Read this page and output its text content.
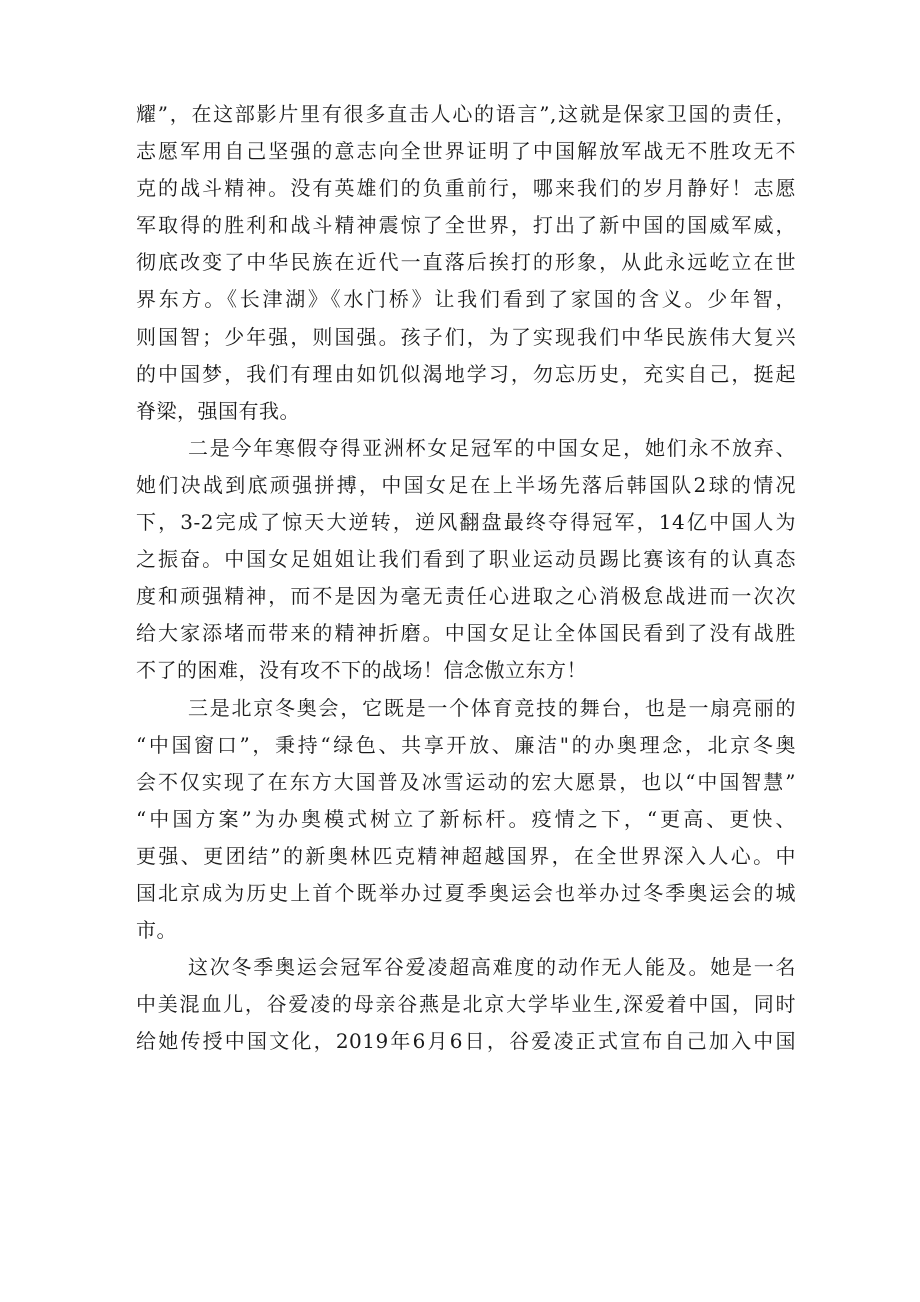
耀”，在这部影片里有很多直击人心的语言”,这就是保家卫国的责任，
志愿军用自己坚强的意志向全世界证明了中国解放军战无不胜攻无不
克的战斗精神。没有英雄们的负重前行，哪来我们的岁月静好！志愿
军取得的胜利和战斗精神震惊了全世界，打出了新中国的国威军威，
彻底改变了中华民族在近代一直落后挨打的形象，从此永远屹立在世
界东方。《长津湖》《水门桥》让我们看到了家国的含义。少年智，
则国智；少年强，则国强。孩子们，为了实现我们中华民族伟大复兴
的中国梦，我们有理由如饥似渴地学习，勿忘历史，充实自己，挺起
脊梁，强国有我。

二是今年寒假夺得亚洲杯女足冠军的中国女足，她们永不放弃、
她们决战到底顽强拼搏，中国女足在上半场先落后韩国队2球的情况
下，3-2完成了惊天大逆转，逆风翻盘最终夺得冠军，14亿中国人为
之振奋。中国女足姐姐让我们看到了职业运动员踢比赛该有的认真态
度和顽强精神，而不是因为毫无责任心进取之心消极怠战进而一次次
给大家添堵而带来的精神折磨。中国女足让全体国民看到了没有战胜
不了的困难，没有攻不下的战场！信念傲立东方！

三是北京冬奥会，它既是一个体育竞技的舞台，也是一扇亮丽的
“中国窗口”，秉持“绿色、共享开放、廉洁"的办奥理念，北京冬奥
会不仅实现了在东方大国普及冰雪运动的宏大愿景，也以“中国智慧”
“中国方案”为办奥模式树立了新标杆。疫情之下，“更高、更快、
更强、更团结”的新奥林匹克精神超越国界，在全世界深入人心。中
国北京成为历史上首个既举办过夏季奥运会也举办过冬季奥运会的城
市。

这次冬季奥运会冠军谷爱凌超高难度的动作无人能及。她是一名
中美混血儿，谷爱凌的母亲谷燕是北京大学毕业生,深爱着中国，同时
给她传授中国文化，2019年6月6日，谷爱凌正式宣布自己加入中国
